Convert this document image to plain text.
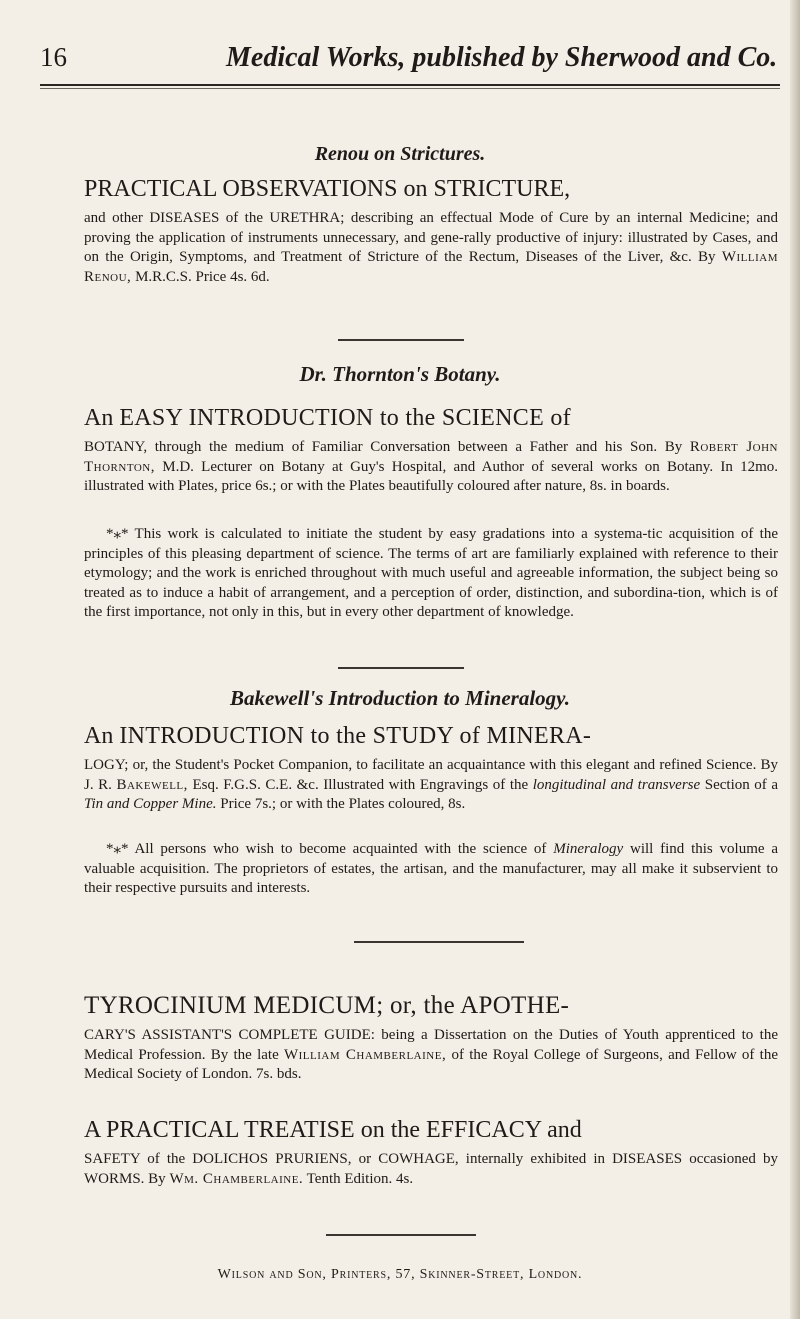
16	Medical Works, published by Sherwood and Co.
Renou on Strictures.
PRACTICAL OBSERVATIONS on STRICTURE,
and other DISEASES of the URETHRA; describing an effectual Mode of Cure by an internal Medicine; and proving the application of instruments unnecessary, and gene-rally productive of injury: illustrated by Cases, and on the Origin, Symptoms, and Treatment of Stricture of the Rectum, Diseases of the Liver, &c. By William Renou, M.R.C.S. Price 4s. 6d.
Dr. Thornton's Botany.
An EASY INTRODUCTION to the SCIENCE of
BOTANY, through the medium of Familiar Conversation between a Father and his Son. By Robert John Thornton, M.D. Lecturer on Botany at Guy's Hospital, and Author of several works on Botany. In 12mo. illustrated with Plates, price 6s.; or with the Plates beautifully coloured after nature, 8s. in boards.
*⁎* This work is calculated to initiate the student by easy gradations into a systema-tic acquisition of the principles of this pleasing department of science. The terms of art are familiarly explained with reference to their etymology; and the work is enriched throughout with much useful and agreeable information, the subject being so treated as to induce a habit of arrangement, and a perception of order, distinction, and subordina-tion, which is of the first importance, not only in this, but in every other department of knowledge.
Bakewell's Introduction to Mineralogy.
An INTRODUCTION to the STUDY of MINERA-
LOGY; or, the Student's Pocket Companion, to facilitate an acquaintance with this elegant and refined Science. By J. R. Bakewell, Esq. F.G.S. C.E. &c. Illustrated with Engravings of the longitudinal and transverse Section of a Tin and Copper Mine. Price 7s.; or with the Plates coloured, 8s.
*⁎* All persons who wish to become acquainted with the science of Mineralogy will find this volume a valuable acquisition. The proprietors of estates, the artisan, and the manufacturer, may all make it subservient to their respective pursuits and interests.
TYROCINIUM MEDICUM; or, the APOTHE-
CARY'S ASSISTANT'S COMPLETE GUIDE: being a Dissertation on the Duties of Youth apprenticed to the Medical Profession. By the late William Chamberlaine, of the Royal College of Surgeons, and Fellow of the Medical Society of London. 7s. bds.
A PRACTICAL TREATISE on the EFFICACY and
SAFETY of the DOLICHOS PRURIENS, or COWHAGE, internally exhibited in DISEASES occasioned by WORMS. By Wm. Chamberlaine. Tenth Edition. 4s.
Wilson and Son, Printers, 57, Skinner-Street, London.
